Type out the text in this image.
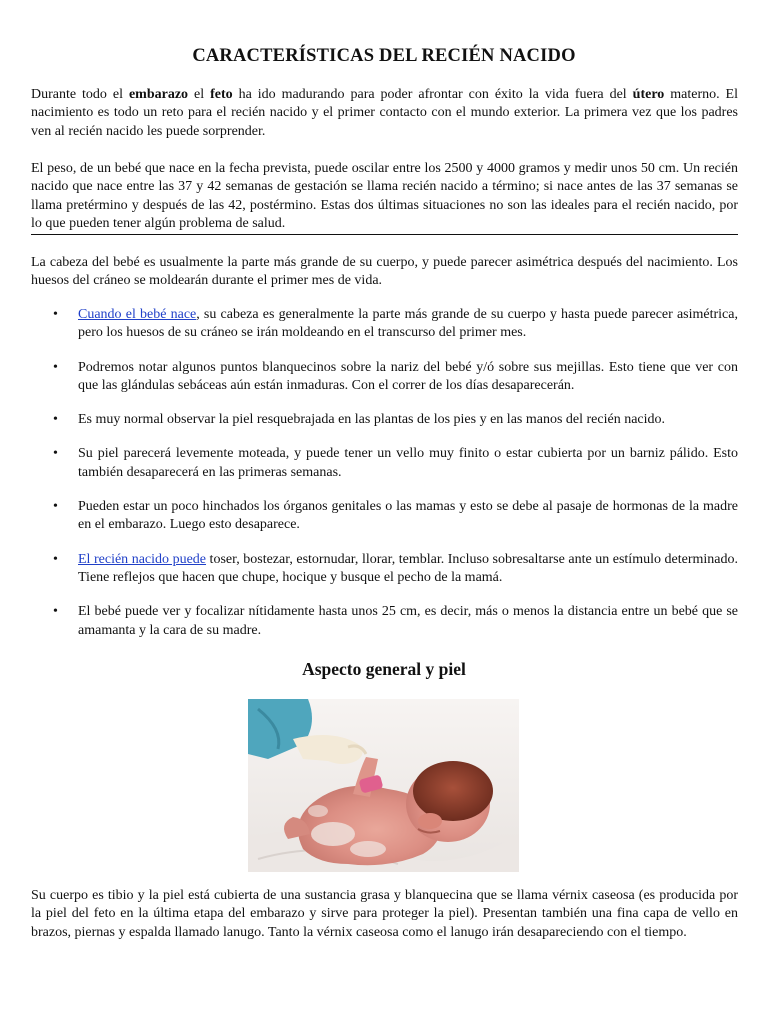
CARACTERÍSTICAS DEL RECIÉN NACIDO

Durante todo el embarazo el feto ha ido madurando para poder afrontar con éxito la vida fuera del útero materno. El nacimiento es todo un reto para el recién nacido y el primer contacto con el mundo exterior. La primera vez que los padres ven al recién nacido les puede sorprender.

El peso, de un bebé que nace en la fecha prevista, puede oscilar entre los 2500 y 4000 gramos y medir unos 50 cm. Un recién nacido que nace entre las 37 y 42 semanas de gestación se llama recién nacido a término; si nace antes de las 37 semanas se llama pretérmino y después de las 42, postérmino. Estas dos últimas situaciones no son las ideales para el recién nacido, por lo que pueden tener algún problema de salud.

La cabeza del bebé es usualmente la parte más grande de su cuerpo, y puede parecer asimétrica después del nacimiento. Los huesos del cráneo se moldearán durante el primer mes de vida.

• Cuando el bebé nace, su cabeza es generalmente la parte más grande de su cuerpo y hasta puede parecer asimétrica, pero los huesos de su cráneo se irán moldeando en el transcurso del primer mes.
• Podremos notar algunos puntos blanquecinos sobre la nariz del bebé y/ó sobre sus mejillas. Esto tiene que ver con que las glándulas sebáceas aún están inmaduras. Con el correr de los días desaparecerán.
• Es muy normal observar la piel resquebrajada en las plantas de los pies y en las manos del recién nacido.
• Su piel parecerá levemente moteada, y puede tener un vello muy finito o estar cubierta por un barniz pálido. Esto también desaparecerá en las primeras semanas.
• Pueden estar un poco hinchados los órganos genitales o las mamas y esto se debe al pasaje de hormonas de la madre en el embarazo. Luego esto desaparece.
• El recién nacido puede toser, bostezar, estornudar, llorar, temblar. Incluso sobresaltarse ante un estímulo determinado. Tiene reflejos que hacen que chupe, hocique y busque el pecho de la mamá.
• El bebé puede ver y focalizar nítidamente hasta unos 25 cm, es decir, más o menos la distancia entre un bebé que se amamanta y la cara de su madre.
Aspecto general y piel

Su cuerpo es tibio y la piel está cubierta de una sustancia grasa y blanquecina que se llama vérnix caseosa (es producida por la piel del feto en la última etapa del embarazo y sirve para proteger la piel). Presentan también una fina capa de vello en brazos, piernas y espalda llamado lanugo. Tanto la vérnix caseosa como el lanugo irán desapareciendo con el tiempo.
